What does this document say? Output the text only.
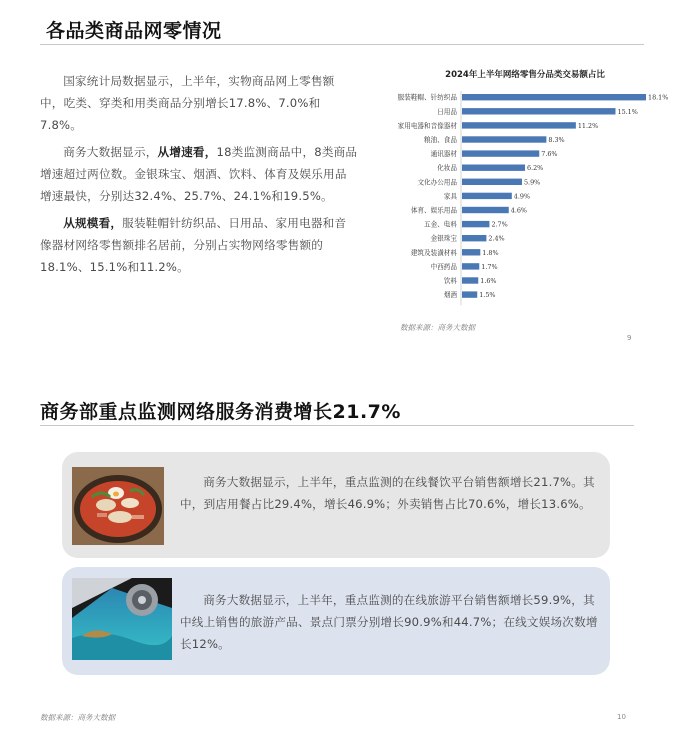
各品类商品网零情况

国家统计局数据显示，上半年，实物商品网上零售额中，吃类、穿类和用类商品分别增长17.8%、7.0%和7.8%。

商务大数据显示，从增速看，18类监测商品中，8类商品增速超过两位数。金银珠宝、烟酒、饮料、体育及娱乐用品增速最快，分别达32.4%、25.7%、24.1%和19.5%。

从规模看，服装鞋帽针纺织品、日用品、家用电器和音像器材网络零售额排名居前，分别占实物网络零售额的18.1%、15.1%和11.2%。

2024年上半年网络零售分品类交易额占比
服装鞋帽、针纺织品	18.1%
日用品	15.1%
家用电器和音像器材	11.2%
粮油、食品	8.3%
通讯器材	7.6%
化妆品	6.2%
文化办公用品	5.9%
家具	4.9%
体育、娱乐用品	4.6%
五金、电料	2.7%
金银珠宝	2.4%
建筑及装潢材料	1.8%
中西药品	1.7%
饮料	1.6%
烟酒	1.5%
数据来源：商务大数据
9
商务部重点监测网络服务消费增长21.7%

商务大数据显示，上半年，重点监测的在线餐饮平台销售额增长21.7%。其中，到店用餐占比29.4%，增长46.9%；外卖销售占比70.6%，增长13.6%。

商务大数据显示，上半年，重点监测的在线旅游平台销售额增长59.9%，其中线上销售的旅游产品、景点门票分别增长90.9%和44.7%；在线文娱场次数增长12%。

数据来源：商务大数据	10
